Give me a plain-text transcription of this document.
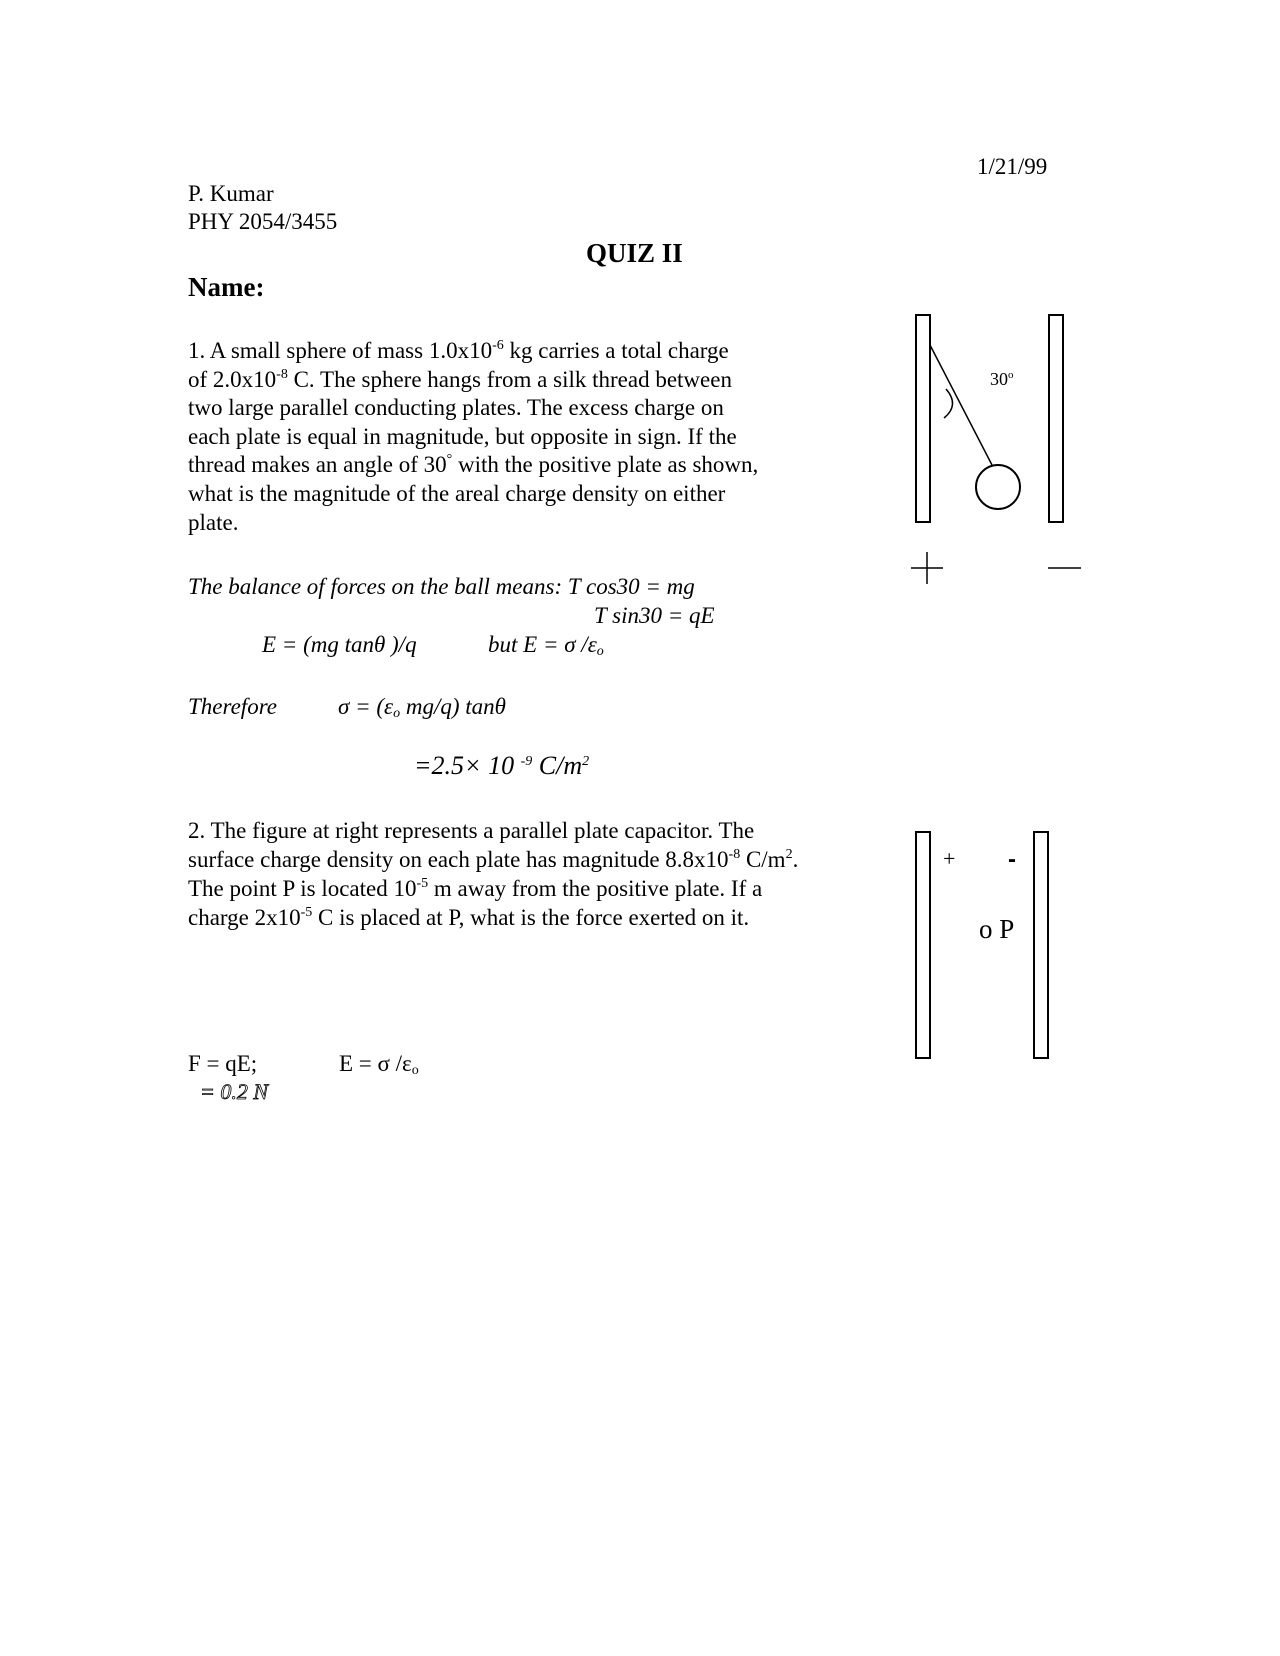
1/21/99
P. Kumar
PHY 2054/3455
QUIZ II
Name:
1. A small sphere of mass $1.0x10^{-6}$ kg carries a total charge
of $2.0x10^{-8}$ C. The sphere hangs from a silk thread between
two large parallel conducting plates. The excess charge on
each plate is equal in magnitude, but opposite in sign. If the
thread makes an angle of 30° with the positive plate as shown,
what is the magnitude of the areal charge density on either
plate.
The balance of forces on the ball means: T cos30 = mg
T sin30 = qE
E = (mg tanθ )/q	but E = σ $/\varepsilon_o$
Therefore	$\sigma = (\varepsilon_o$ mg/q) tanθ
=2.5× 10 $^{-9}$ $C/m^2$
30$^o$
2. The figure at right represents a parallel plate capacitor. The
surface charge density on each plate has magnitude $8.8x10^{-8}$ $C/m^2$.
The point P is located $10^{-5}$ m away from the positive plate. If a
charge $2x10^{-5}$ C is placed at P, what is the force exerted on it.
+ -
o P
F = qE;	E = σ $/\varepsilon_o$
= 0.2 N
